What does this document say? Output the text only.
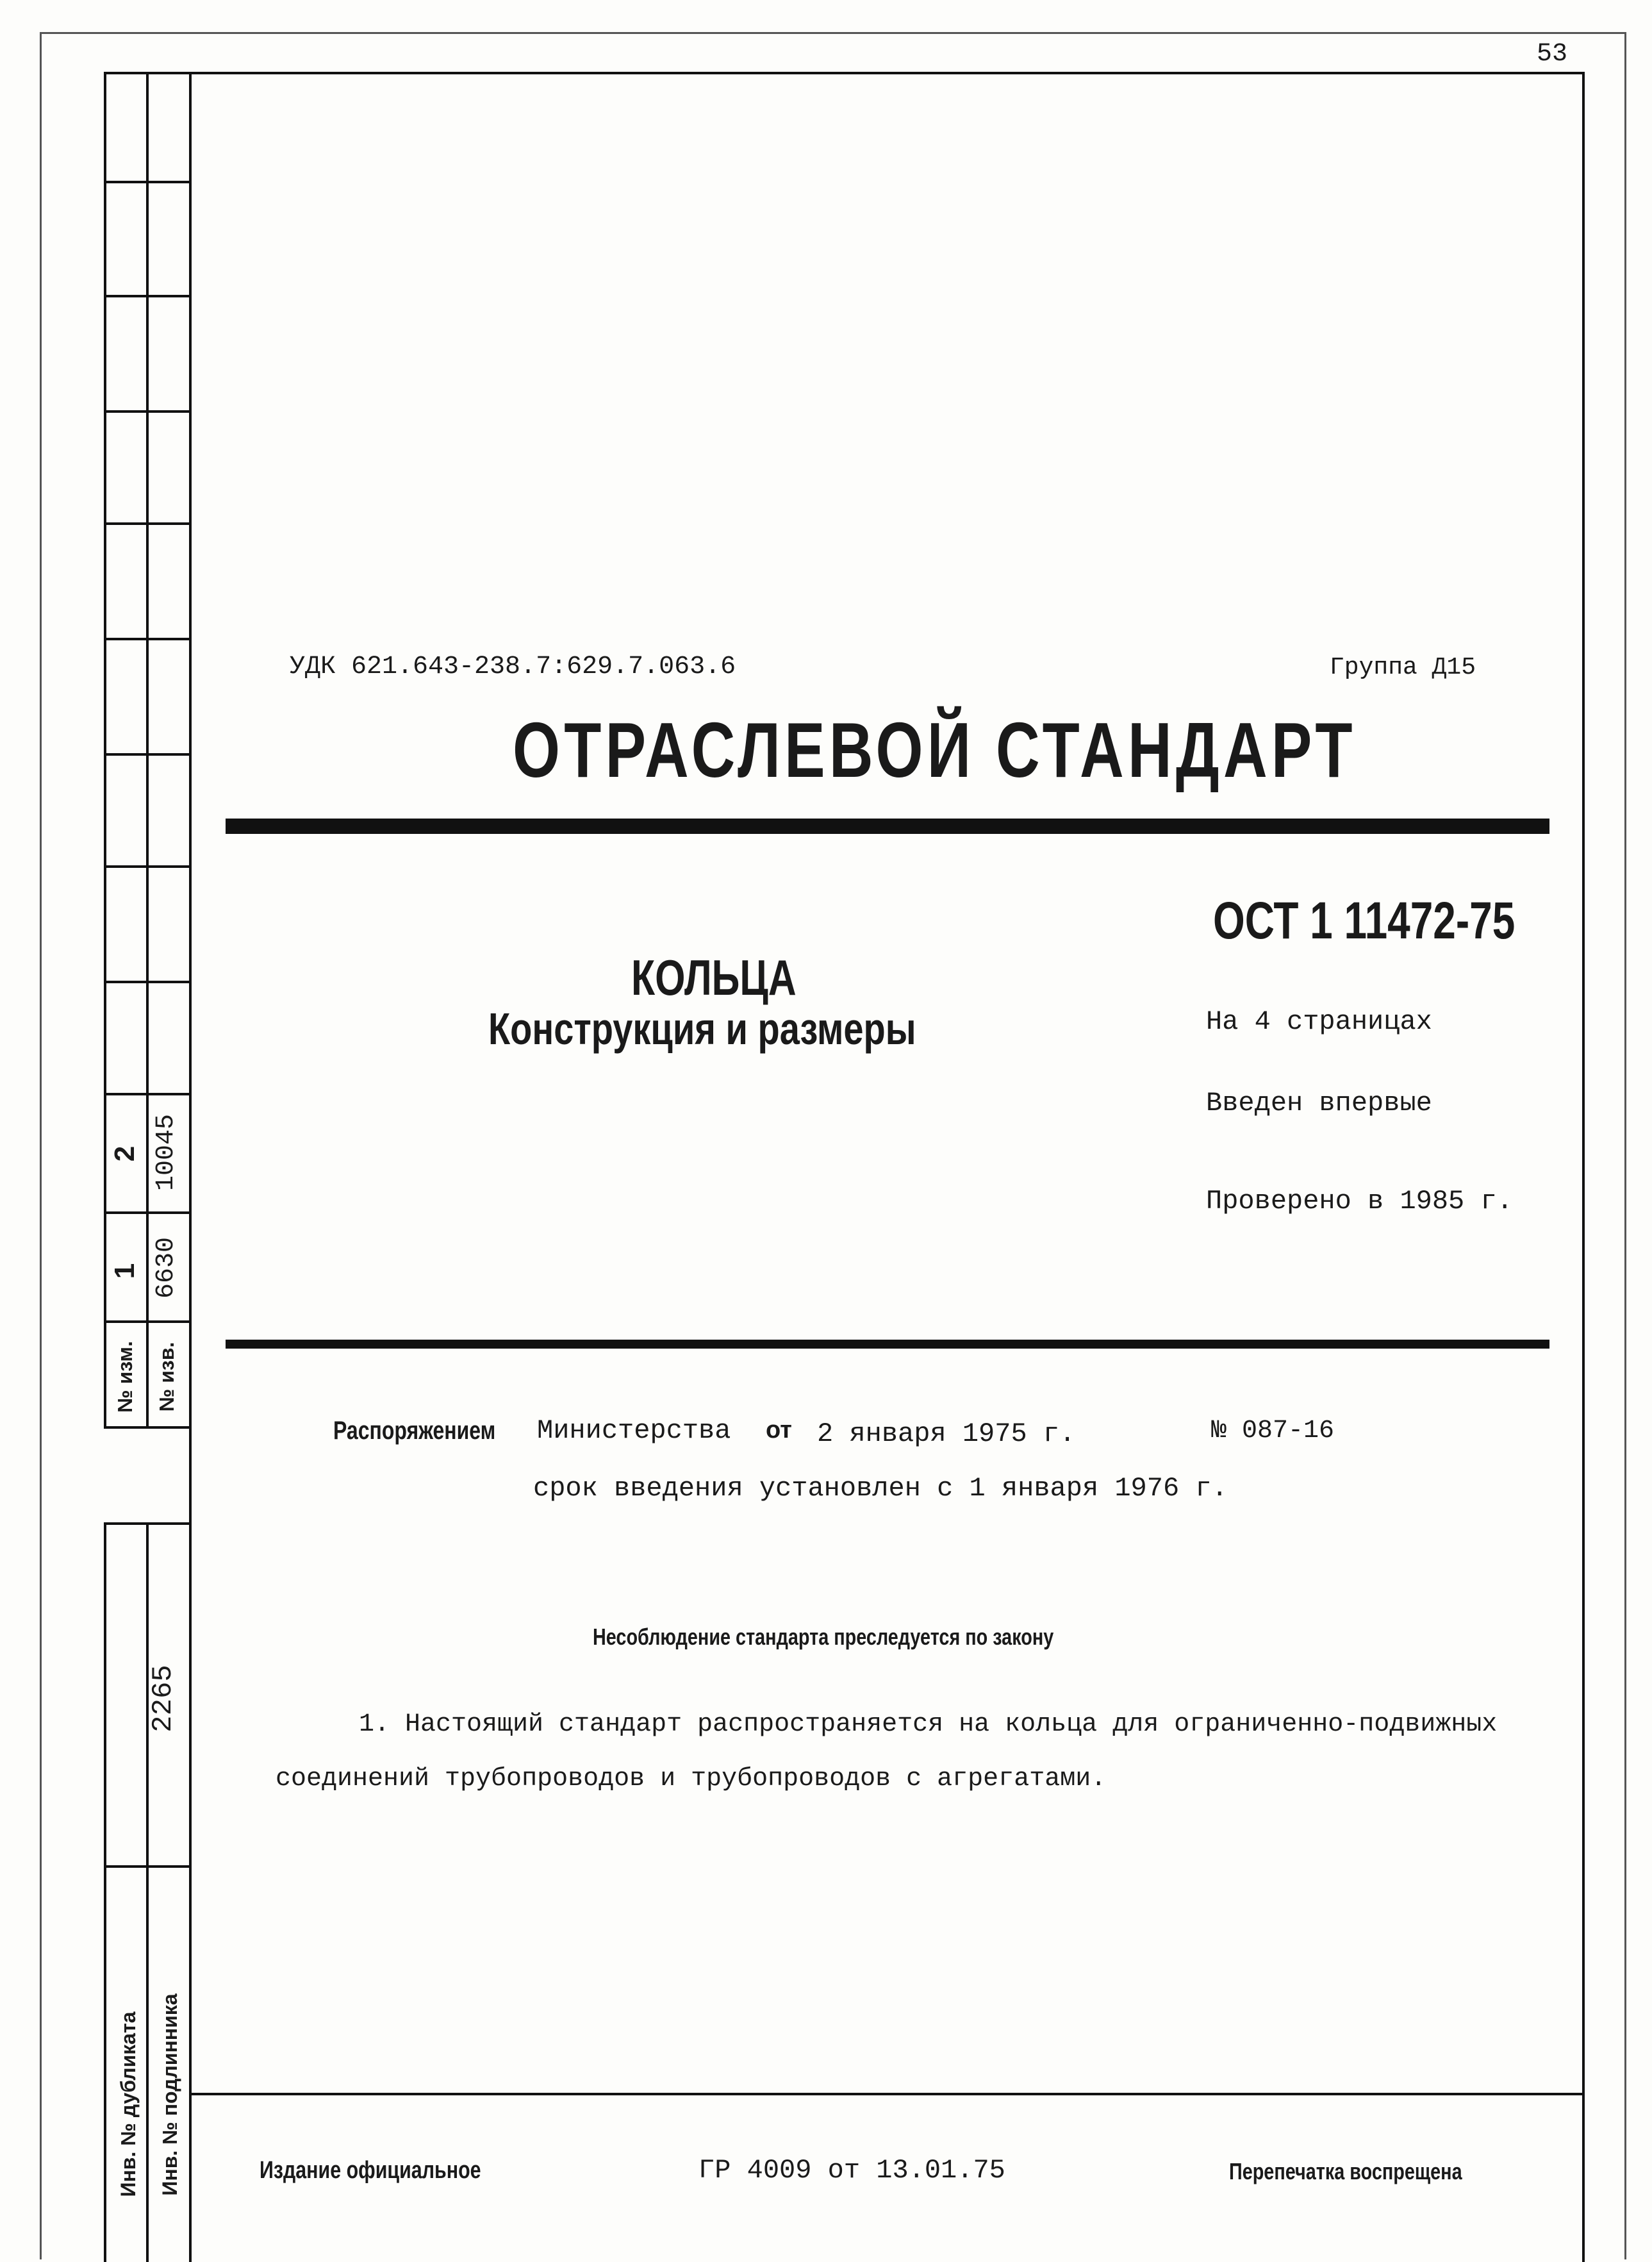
53
2 10045
1 6630
№ изм. № изв.
2265
Инв. № дубликата Инв. № подлинника
УДК 621.643-238.7:629.7.063.6	Группа Д15
ОТРАСЛЕВОЙ СТАНДАРТ
ОСТ 1 11472-75
КОЛЬЦА
Конструкция и размеры	На 4 страницах
Введен впервые
Проверено в 1985 г.
Распоряжением Министерства от 2 января 1975 г.	№ 087-16
срок введения установлен с 1 января 1976 г.
Несоблюдение стандарта преследуется по закону
1. Настоящий стандарт распространяется на кольца для ограниченно-подвижных
соединений трубопроводов и трубопроводов с агрегатами.
Издание официальное	ГР 4009 от 13.01.75	Перепечатка воспрещена
